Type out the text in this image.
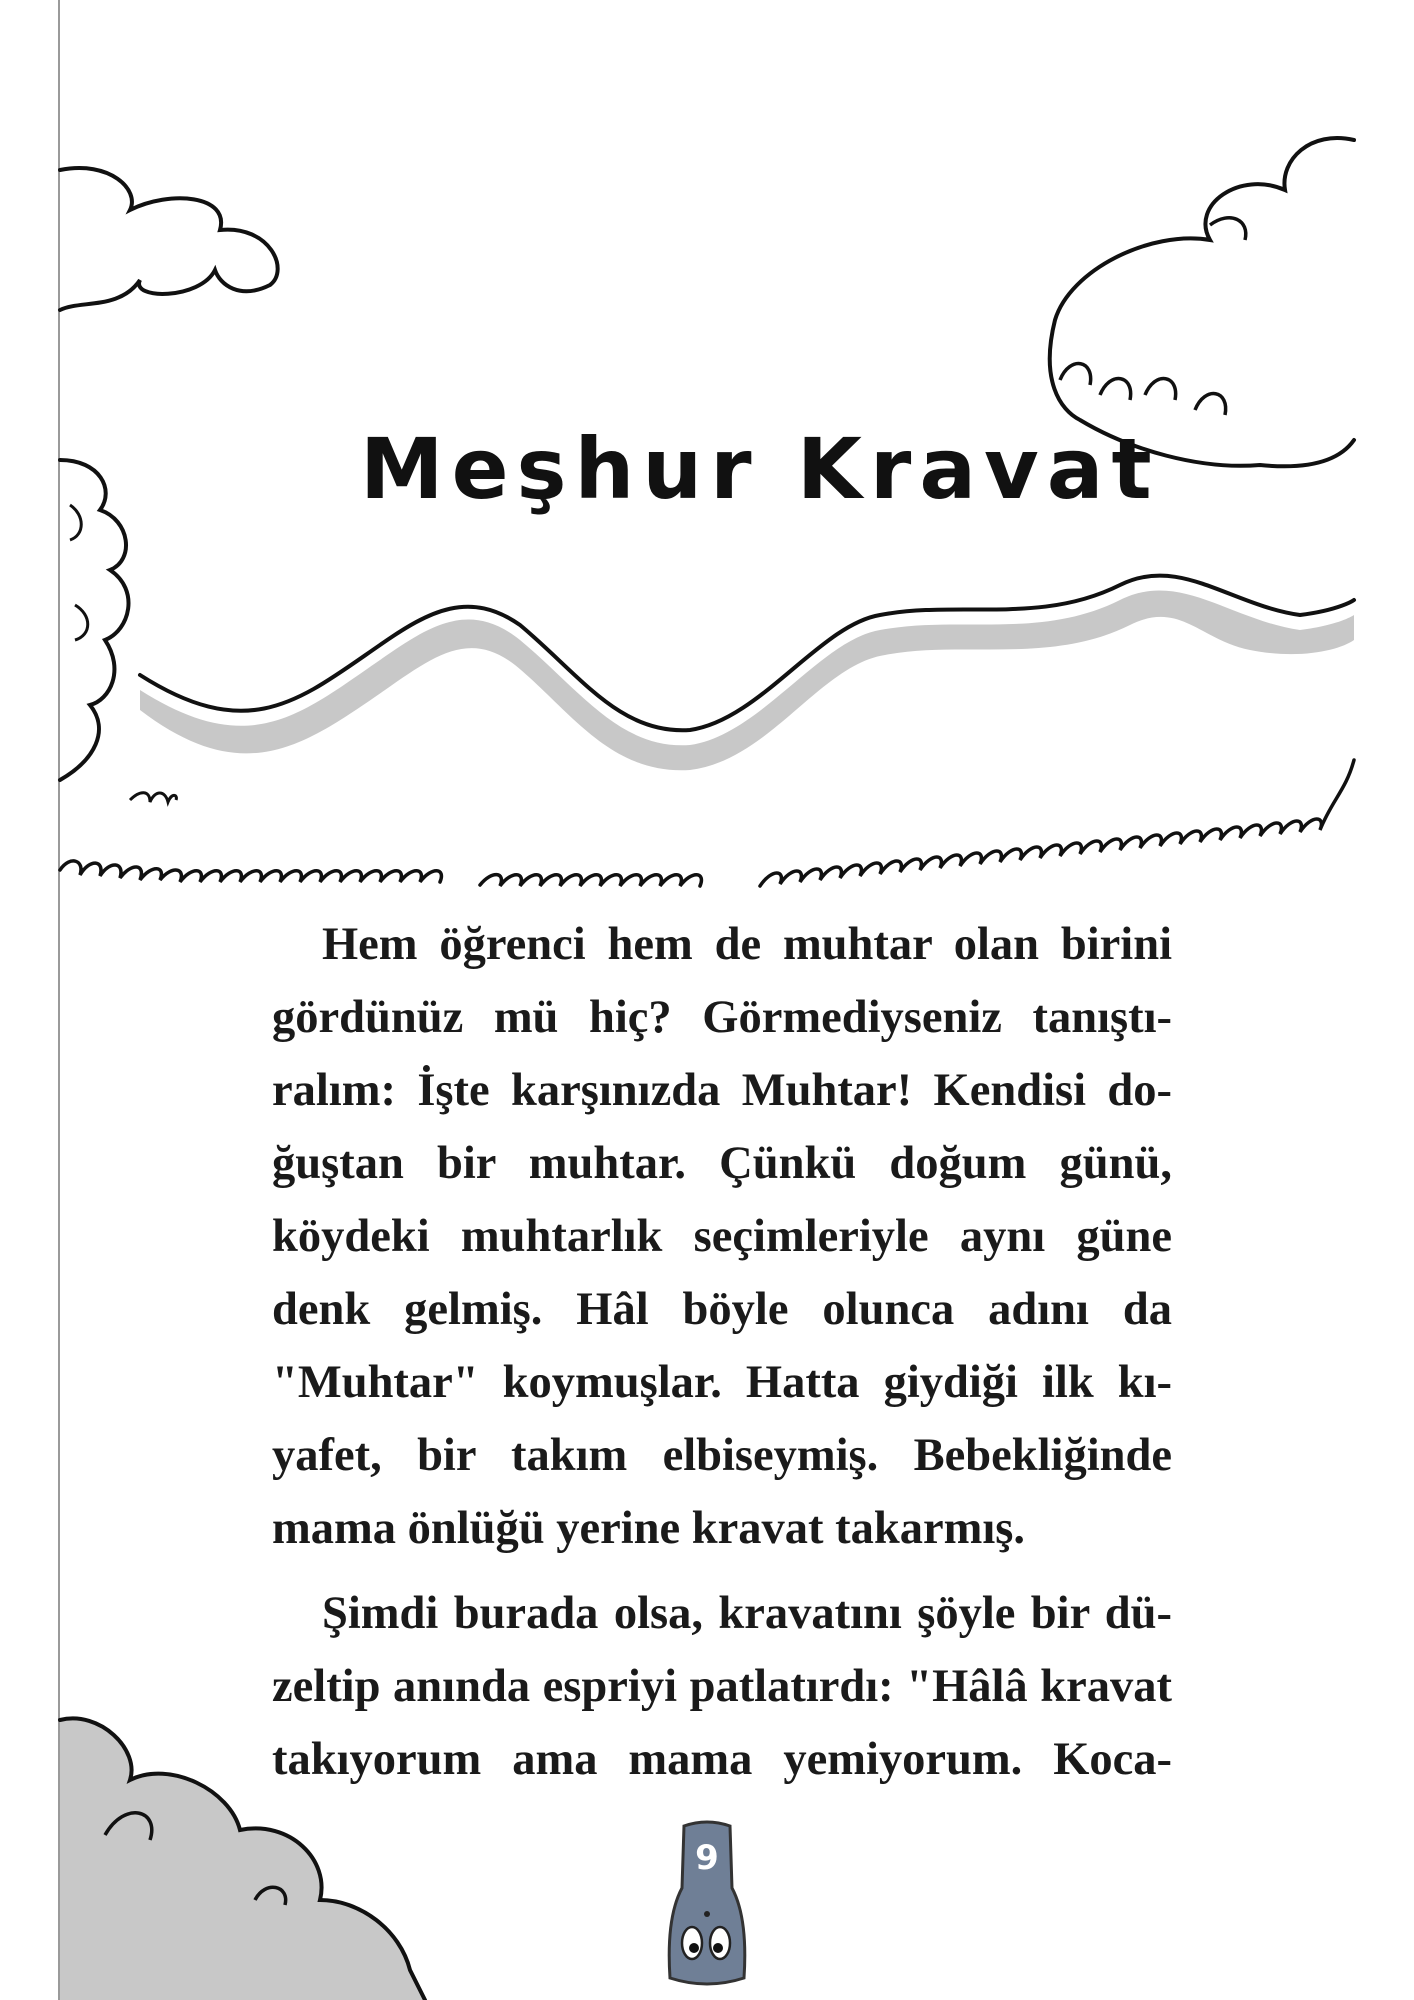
Meşhur Kravat

Hem öğrenci hem de muhtar olan birini
gördünüz mü hiç? Görmediyseniz tanıştı-
ralım: İşte karşınızda Muhtar! Kendisi do-
ğuştan bir muhtar. Çünkü doğum günü,
köydeki muhtarlık seçimleriyle aynı güne
denk gelmiş. Hâl böyle olunca adını da
"Muhtar" koymuşlar. Hatta giydiği ilk kı-
yafet, bir takım elbiseymiş. Bebekliğinde
mama önlüğü yerine kravat takarmış.

Şimdi burada olsa, kravatını şöyle bir dü-
zeltip anında espriyi patlatırdı: "Hâlâ kravat
takıyorum ama mama yemiyorum. Koca-

9
